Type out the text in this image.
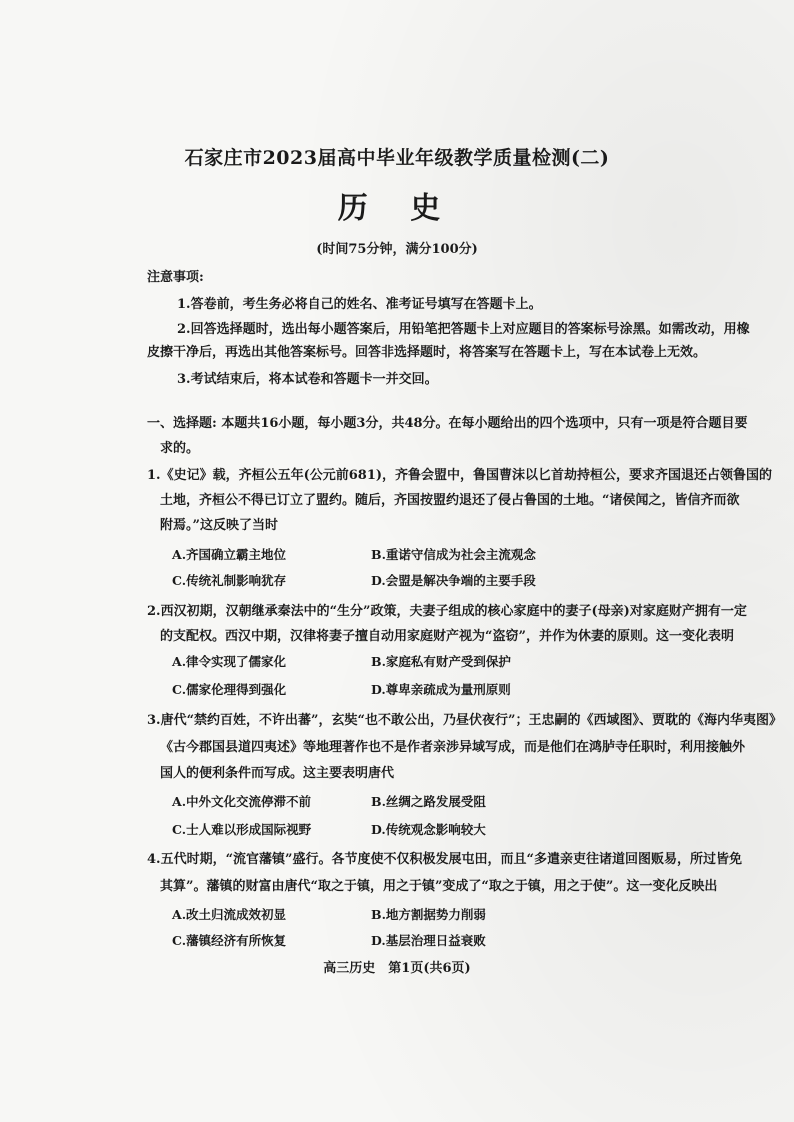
石家庄市2023届高中毕业年级教学质量检测(二)
历 史
(时间75分钟，满分100分)
注意事项:
1.答卷前，考生务必将自己的姓名、准考证号填写在答题卡上。
2.回答选择题时，选出每小题答案后，用铅笔把答题卡上对应题目的答案标号涂黑。如需改动，用橡
皮擦干净后，再选出其他答案标号。回答非选择题时，将答案写在答题卡上，写在本试卷上无效。
3.考试结束后，将本试卷和答题卡一并交回。
一、选择题: 本题共16小题，每小题3分，共48分。在每小题给出的四个选项中，只有一项是符合题目要
求的。
1.《史记》载，齐桓公五年(公元前681)，齐鲁会盟中，鲁国曹沫以匕首劫持桓公，要求齐国退还占领鲁国的
土地，齐桓公不得已订立了盟约。随后，齐国按盟约退还了侵占鲁国的土地。“诸侯闻之，皆信齐而欲
附焉。”这反映了当时
A.齐国确立霸主地位	B.重诺守信成为社会主流观念
C.传统礼制影响犹存	D.会盟是解决争端的主要手段
2.西汉初期，汉朝继承秦法中的“生分”政策，夫妻子组成的核心家庭中的妻子(母亲)对家庭财产拥有一定
的支配权。西汉中期，汉律将妻子擅自动用家庭财产视为“盗窃”，并作为休妻的原则。这一变化表明
A.律令实现了儒家化	B.家庭私有财产受到保护
C.儒家伦理得到强化	D.尊卑亲疏成为量刑原则
3.唐代“禁约百姓，不许出蕃”，玄奘“也不敢公出，乃昼伏夜行”；王忠嗣的《西域图》、贾耽的《海内华夷图》
《古今郡国县道四夷述》等地理著作也不是作者亲涉异域写成，而是他们在鸿胪寺任职时，利用接触外
国人的便利条件而写成。这主要表明唐代
A.中外文化交流停滞不前	B.丝绸之路发展受阻
C.士人难以形成国际视野	D.传统观念影响较大
4.五代时期，“流官藩镇”盛行。各节度使不仅积极发展屯田，而且“多遣亲吏往诸道回图贩易，所过皆免
其算”。藩镇的财富由唐代“取之于镇，用之于镇”变成了“取之于镇，用之于使”。这一变化反映出
A.改土归流成效初显	B.地方割据势力削弱
C.藩镇经济有所恢复	D.基层治理日益衰败
高三历史　第1页(共6页)
